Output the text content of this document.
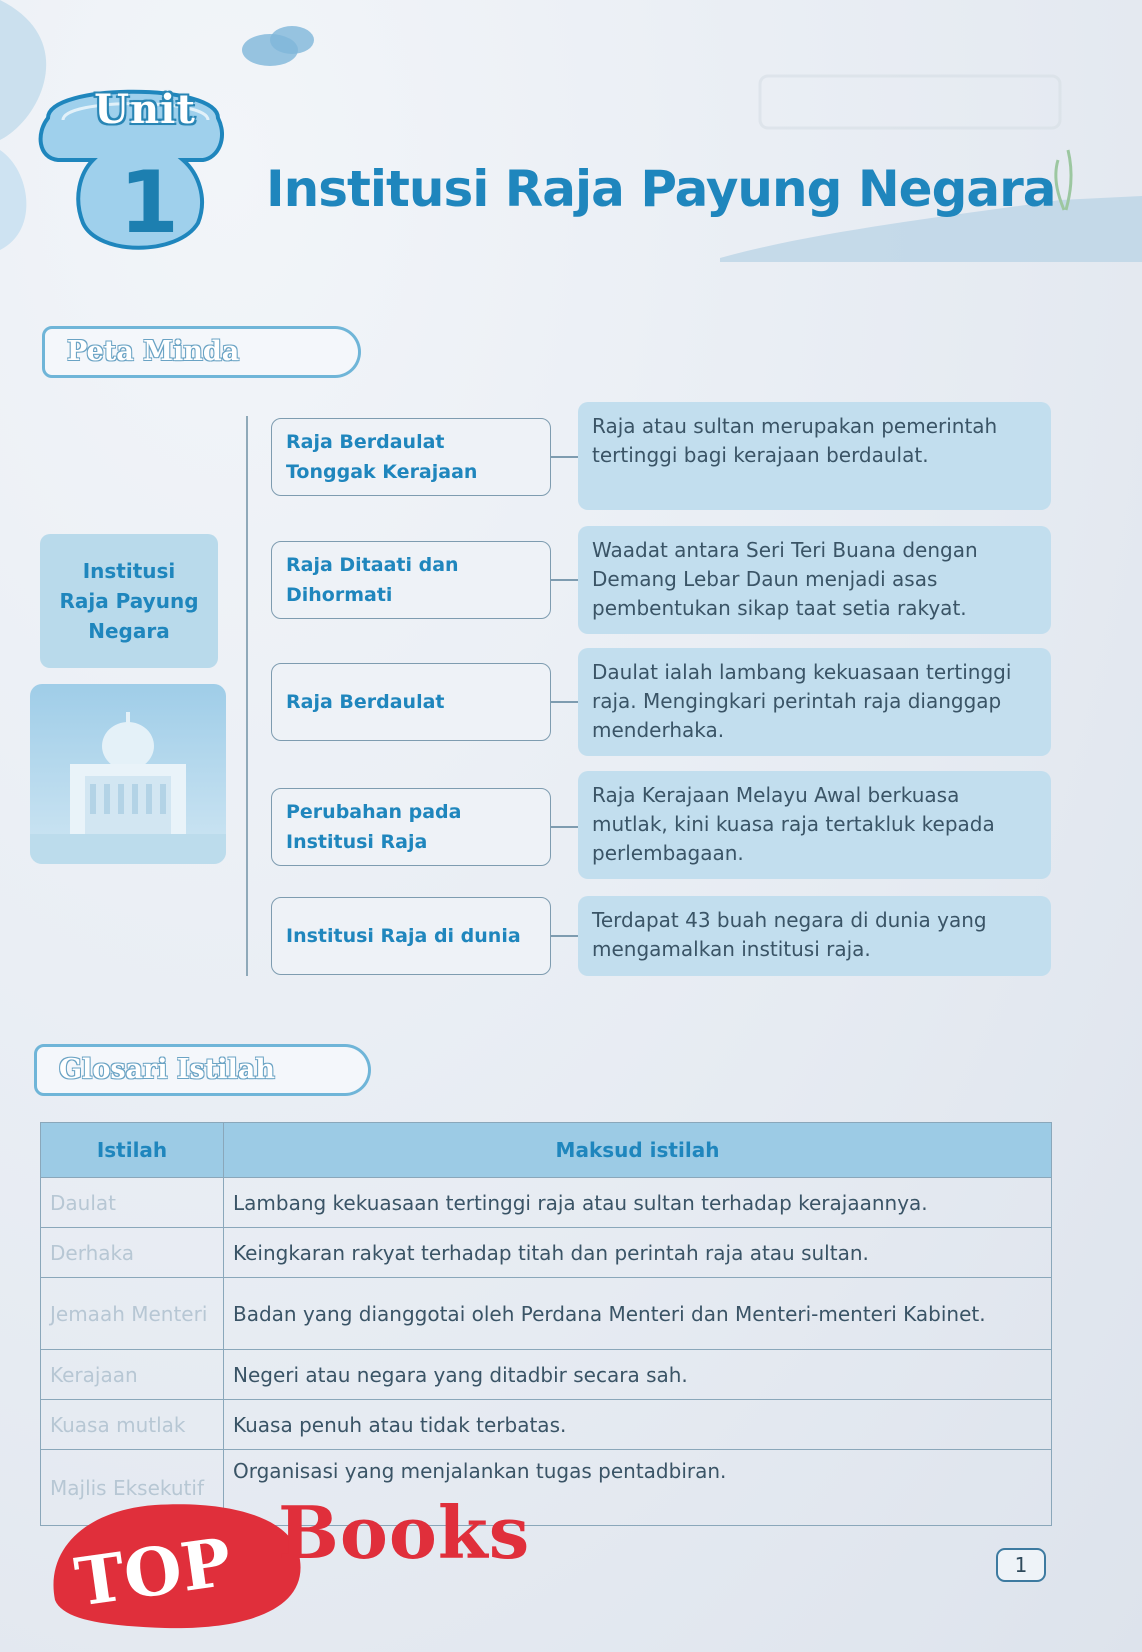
Unit
1	Institusi Raja Payung Negara
Peta Minda
Institusi Raja Payung Negara
Raja Berdaulat Tonggak Kerajaan
Raja atau sultan merupakan pemerintah tertinggi bagi kerajaan berdaulat.
Raja Ditaati dan Dihormati
Waadat antara Seri Teri Buana dengan Demang Lebar Daun menjadi asas pembentukan sikap taat setia rakyat.
Raja Berdaulat
Daulat ialah lambang kekuasaan tertinggi raja. Mengingkari perintah raja dianggap menderhaka.
Perubahan pada Institusi Raja
Raja Kerajaan Melayu Awal berkuasa mutlak, kini kuasa raja tertakluk kepada perlembagaan.
Institusi Raja di dunia
Terdapat 43 buah negara di dunia yang mengamalkan institusi raja.
Glosari Istilah
Istilah	Maksud istilah
Daulat	Lambang kekuasaan tertinggi raja atau sultan terhadap kerajaannya.
Derhaka	Keingkaran rakyat terhadap titah dan perintah raja atau sultan.
Jemaah Menteri	Badan yang dianggotai oleh Perdana Menteri dan Menteri-menteri Kabinet.
Kerajaan	Negeri atau negara yang ditadbir secara sah.
Kuasa mutlak	Kuasa penuh atau tidak terbatas.
Majlis Eksekutif	Organisasi yang menjalankan tugas pentadbiran.
1
TOP Books
